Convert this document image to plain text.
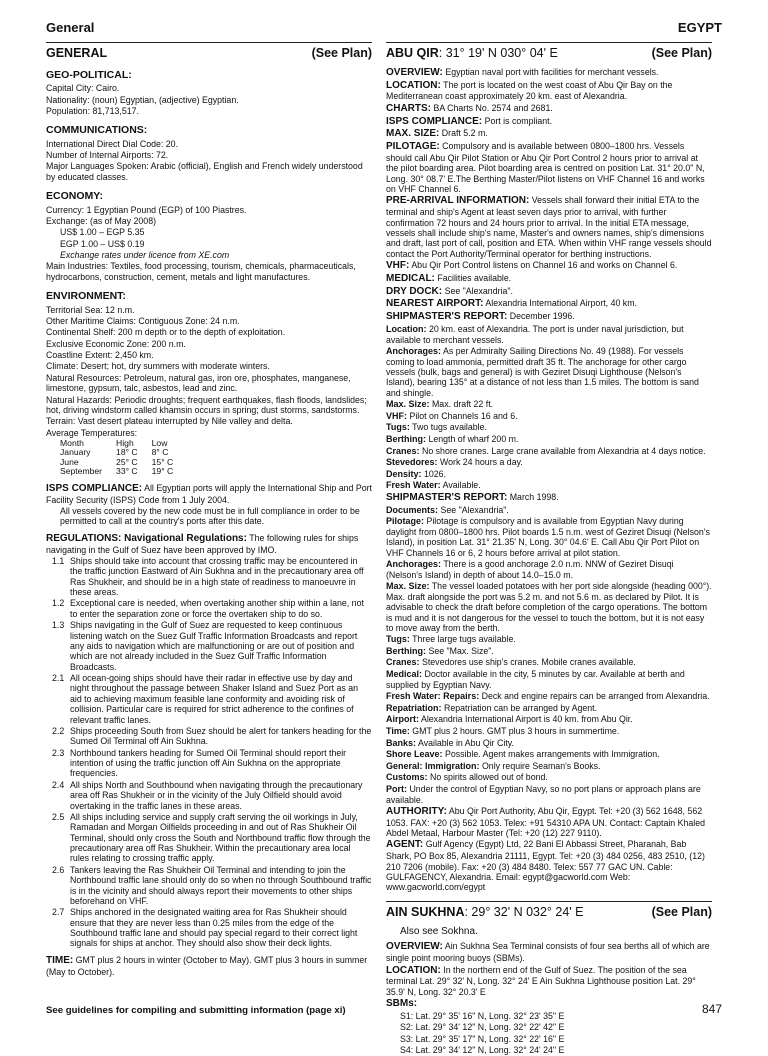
General	EGYPT
GENERAL	(See Plan)
GEO-POLITICAL:

Capital City: Cairo.

Nationality: (noun) Egyptian, (adjective) Egyptian.

Population: 81,713,517.

COMMUNICATIONS:

International Direct Dial Code: 20.

Number of Internal Airports: 72.

Major Languages Spoken: Arabic (official), English and French widely understood by educated classes.

ECONOMY:

Currency: 1 Egyptian Pound (EGP) of 100 Piastres.

Exchange: (as of May 2008)

US$ 1.00 – EGP 5.35

EGP 1.00 – US$ 0.19

Exchange rates under licence from XE.com

Main Industries: Textiles, food processing, tourism, chemicals, pharmaceuticals, hydrocarbons, construction, cement, metals and light manufactures.

ENVIRONMENT:

Territorial Sea: 12 n.m.

Other Maritime Claims: Contiguous Zone: 24 n.m.

Continental Shelf: 200 m depth or to the depth of exploitation.

Exclusive Economic Zone: 200 n.m.

Coastline Extent: 2,450 km.

Climate: Desert; hot, dry summers with moderate winters.

Natural Resources: Petroleum, natural gas, iron ore, phosphates, manganese, limestone, gypsum, talc, asbestos, lead and zinc.

Natural Hazards: Periodic droughts; frequent earthquakes, flash floods, landslides; hot, driving windstorm called khamsin occurs in spring; dust storms, sandstorms.

Terrain: Vast desert plateau interrupted by Nile valley and delta.

Average Temperatures:

Month	High	Low
January	18° C	8° C
June	25° C	15° C
September	33° C	19° C

ISPS COMPLIANCE: All Egyptian ports will apply the International Ship and Port Facility Security (ISPS) Code from 1 July 2004.

All vessels covered by the new code must be in full compliance in order to be permitted to call at the country's ports after this date.

REGULATIONS: Navigational Regulations: The following rules for ships navigating in the Gulf of Suez have been approved by IMO.

1.1 Ships should take into account that crossing traffic may be encountered in the traffic junction Eastward of Ain Sukhna and in the precautionary area off Ras Shukheir, and should be in a high state of readiness to manoeuvre in these areas.
1.2 Exceptional care is needed, when overtaking another ship within a lane, not to enter the separation zone or force the overtaken ship to do so.
1.3 Ships navigating in the Gulf of Suez are requested to keep continuous listening watch on the Suez Gulf Traffic Information Broadcasts and report any aids to navigation which are malfunctioning or are out of position and which are not already included in the Suez Gulf Traffic Information Broadcasts.
2.1 All ocean-going ships should have their radar in effective use by day and night throughout the passage between Shaker Island and Suez Port as an aid to achieving maximum feasible lane conformity and avoiding risk of collision. Particular care is required for strict adherence to the confines of relevant traffic lanes.
2.2 Ships proceeding South from Suez should be alert for tankers heading for the Sumed Oil Terminal off Ain Sukhna.
2.3 Northbound tankers heading for Sumed Oil Terminal should report their intention of using the traffic junction off Ain Sukhna on the appropriate frequencies.
2.4 All ships North and Southbound when navigating through the precautionary area off Ras Shukheir or in the vicinity of the July Oilfield should avoid overtaking in the traffic lanes in these areas.
2.5 All ships including service and supply craft serving the oil workings in July, Ramadan and Morgan Oilfields proceeding in and out of Ras Shukheir Oil Terminal, should only cross the South and Northbound traffic flow through the precautionary area off Ras Shukheir. Within the precautionary area local rules relating to crossing traffic apply.
2.6 Tankers leaving the Ras Shukheir Oil Terminal and intending to join the Northbound traffic lane should only do so when no through Southbound traffic is in the vicinity and should always report their movements to other ships beforehand on VHF.
2.7 Ships anchored in the designated waiting area for Ras Shukheir should ensure that they are never less than 0.25 miles from the edge of the Southbound traffic lane and should pay special regard to their correct light signals for ships at anchor. They should also show their deck lights.

TIME: GMT plus 2 hours in winter (October to May). GMT plus 3 hours in summer (May to October).

ABU QIR: 31° 19' N 030° 04' E	(See Plan)

OVERVIEW: Egyptian naval port with facilities for merchant vessels.

LOCATION: The port is located on the west coast of Abu Qir Bay on the Mediterranean coast approximately 20 km. east of Alexandria.

CHARTS: BA Charts No. 2574 and 2681.

ISPS COMPLIANCE: Port is compliant.

MAX. SIZE: Draft 5.2 m.

PILOTAGE: Compulsory and is available between 0800–1800 hrs. Vessels should call Abu Qir Pilot Station or Abu Qir Port Control 2 hours prior to arrival at the pilot boarding area. Pilot boarding area is centred on position Lat. 31° 20.0" N, Long. 30° 08.7' E.The Berthing Master/Pilot listens on VHF Channel 16 and works on VHF Channel 6.

PRE-ARRIVAL INFORMATION: Vessels shall forward their initial ETA to the terminal and ship's Agent at least seven days prior to arrival, with further confirmation 72 hours and 24 hours prior to arrival. In the initial ETA message, vessels shall include ship's name, Master's and owners names, ship's dimensions and draft, last port of call, position and ETA. When within VHF range vessels should contact the Port Authority/Terminal operator for berthing instructions.

VHF: Abu Qir Port Control listens on Channel 16 and works on Channel 6.

MEDICAL: Facilities available.

DRY DOCK: See "Alexandria".

NEAREST AIRPORT: Alexandria International Airport, 40 km.

SHIPMASTER'S REPORT: December 1996.

Location: 20 km. east of Alexandria. The port is under naval jurisdiction, but available to merchant vessels.

Anchorages: As per Admiralty Sailing Directions No. 49 (1988). For vessels coming to load ammonia, permitted draft 35 ft. The anchorage for other cargo vessels (bulk, bags and general) is with Geziret Disuqi Lighthouse (Nelson's Island), bearing 135° at a distance of not less than 1.5 miles. The bottom is sand and shingle.

Max. Size: Max. draft 22 ft.

VHF: Pilot on Channels 16 and 6.

Tugs: Two tugs available.

Berthing: Length of wharf 200 m.

Cranes: No shore cranes. Large crane available from Alexandria at 4 days notice.

Stevedores: Work 24 hours a day.

Density: 1026.

Fresh Water: Available.

SHIPMASTER'S REPORT: March 1998.

Documents: See "Alexandria".

Pilotage: Pilotage is compulsory and is available from Egyptian Navy during daylight from 0800–1800 hrs. Pilot boards 1.5 n.m. west of Geziret Disuqi (Nelson's Island), in position Lat. 31° 21.35' N, Long. 30° 04.6' E. Call Abu Qir Port Pilot on VHF Channels 16 or 6, 2 hours before arrival at pilot station.

Anchorages: There is a good anchorage 2.0 n.m. NNW of Geziret Disuqi (Nelson's Island) in depth of about 14.0–15.0 m.

Max. Size: The vessel loaded potatoes with her port side alongside (heading 000°). Max. draft alongside the port was 5.2 m. and not 5.6 m. as declared by Pilot. It is advisable to check the draft before completion of the cargo operations. The bottom is mud and it is not dangerous for the vessel to touch the bottom, but it is not easy to move away from the berth.

Tugs: Three large tugs available.

Berthing: See "Max. Size".

Cranes: Stevedores use ship's cranes. Mobile cranes available.

Medical: Doctor available in the city, 5 minutes by car. Available at berth and supplied by Egyptian Navy.

Fresh Water: Repairs: Deck and engine repairs can be arranged from Alexandria.

Repatriation: Repatriation can be arranged by Agent.

Airport: Alexandria International Airport is 40 km. from Abu Qir.

Time: GMT plus 2 hours. GMT plus 3 hours in summertime.

Banks: Available in Abu Qir City.

Shore Leave: Possible. Agent makes arrangements with Immigration.

General: Immigration: Only require Seaman's Books.

Customs: No spirits allowed out of bond.

Port: Under the control of Egyptian Navy, so no port plans or approach plans are available.

AUTHORITY: Abu Qir Port Authority, Abu Qir, Egypt. Tel: +20 (3) 562 1648, 562 1053. FAX: +20 (3) 562 1053. Telex: +91 54310 APA UN. Contact: Captain Khaled Abdel Metaal, Harbour Master (Tel: +20 (12) 227 9110).

AGENT: Gulf Agency (Egypt) Ltd, 22 Bani El Abbassi Street, Pharanah, Bab Shark, PO Box 85, Alexandria 21111, Egypt. Tel: +20 (3) 484 0256, 483 2510, (12) 210 7206 (mobile). Fax: +20 (3) 484 8480. Telex: 557 77 GAC UN. Cable: GULFAGENCY, Alexandria. Email: egypt@gacworld.com Web: www.gacworld.com/egypt

AIN SUKHNA: 29° 32' N 032° 24' E	(See Plan)

Also see Sokhna.

OVERVIEW: Ain Sukhna Sea Terminal consists of four sea berths all of which are single point mooring buoys (SBMs).

LOCATION: In the northern end of the Gulf of Suez. The position of the sea terminal Lat. 29° 32' N, Long. 32° 24' E Ain Sukhna Lighthouse position Lat. 29° 35.9' N, Long. 32° 20.3' E

SBMs:

S1: Lat. 29° 35' 16" N, Long. 32° 23' 35" E

S2: Lat. 29° 34' 12" N, Long. 32° 22' 42" E

S3: Lat. 29° 35' 17" N, Long. 32° 22' 16" E

S4: Lat. 29° 34' 12" N, Long. 32° 24' 24" E

See guidelines for compiling and submitting information (page xi)	847
